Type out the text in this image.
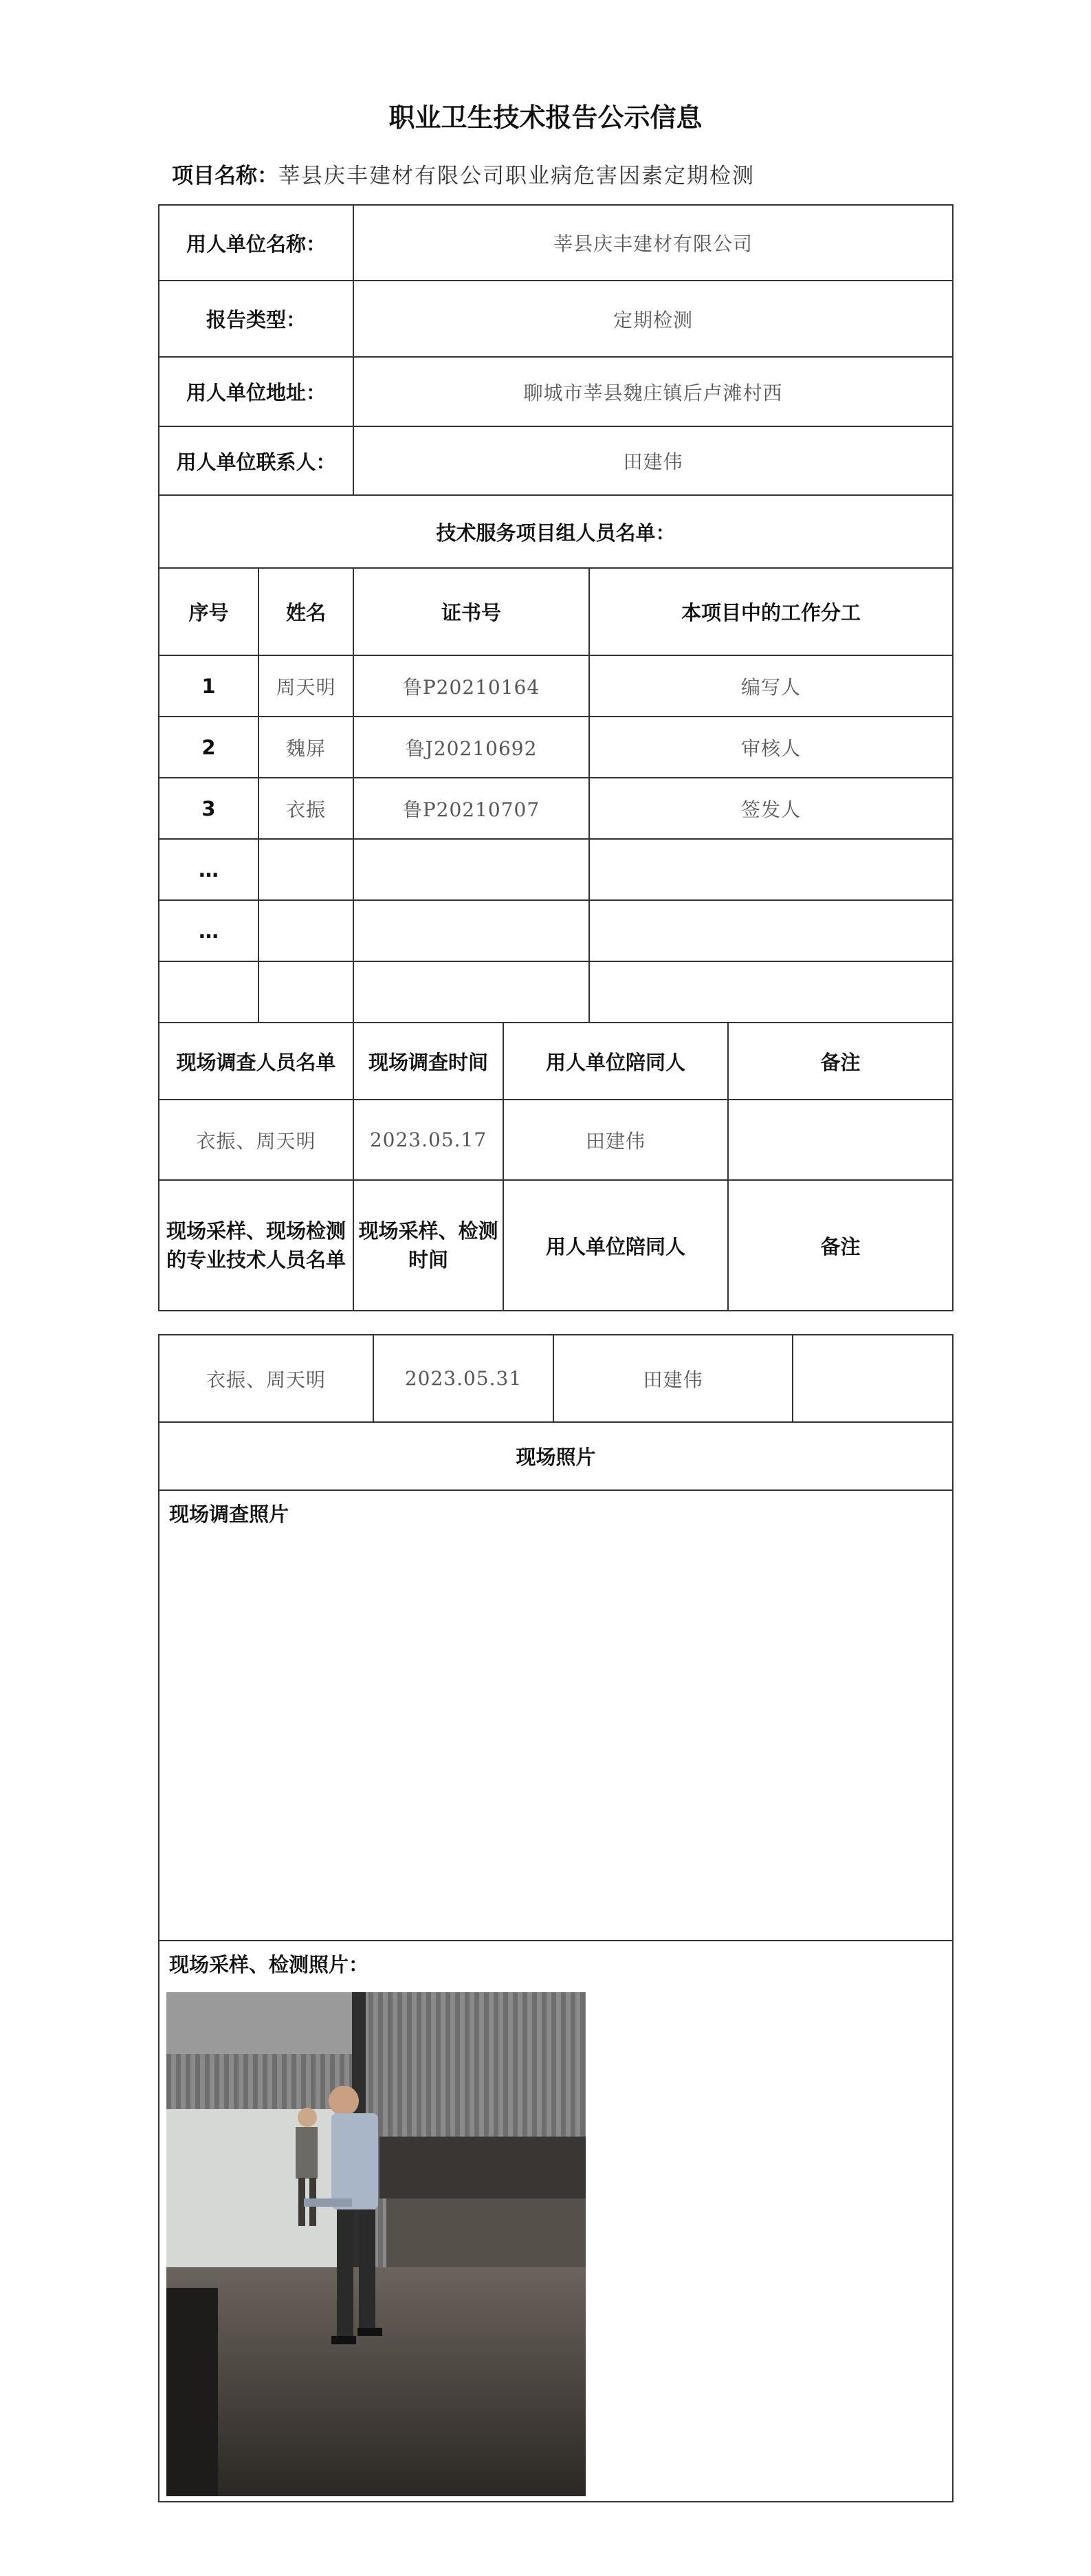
职业卫生技术报告公示信息
项目名称：莘县庆丰建材有限公司职业病危害因素定期检测
用人单位名称：		莘县庆丰建材有限公司			
报告类型：		定期检测			
用人单位地址：		聊城市莘县魏庄镇后卢滩村西			
用人单位联系人：		田建伟			
技术服务项目组人员名单：					
序号	姓名	证书号		本项目中的工作分工	
1	周天明	鲁P20210164		编写人	
2	魏屏	鲁J20210692		审核人	
3	衣振	鲁P20210707		签发人	
…					
…					

现场调查人员名单		现场调查时间	用人单位陪同人		备注
衣振、周天明		2023.05.17	田建伟		
现场采样、现场检测的专业技术人员名单		现场采样、检测时间	用人单位陪同人		备注
衣振、周天明	2023.05.31	田建伟	
现场照片
现场调查照片
现场采样、检测照片：
